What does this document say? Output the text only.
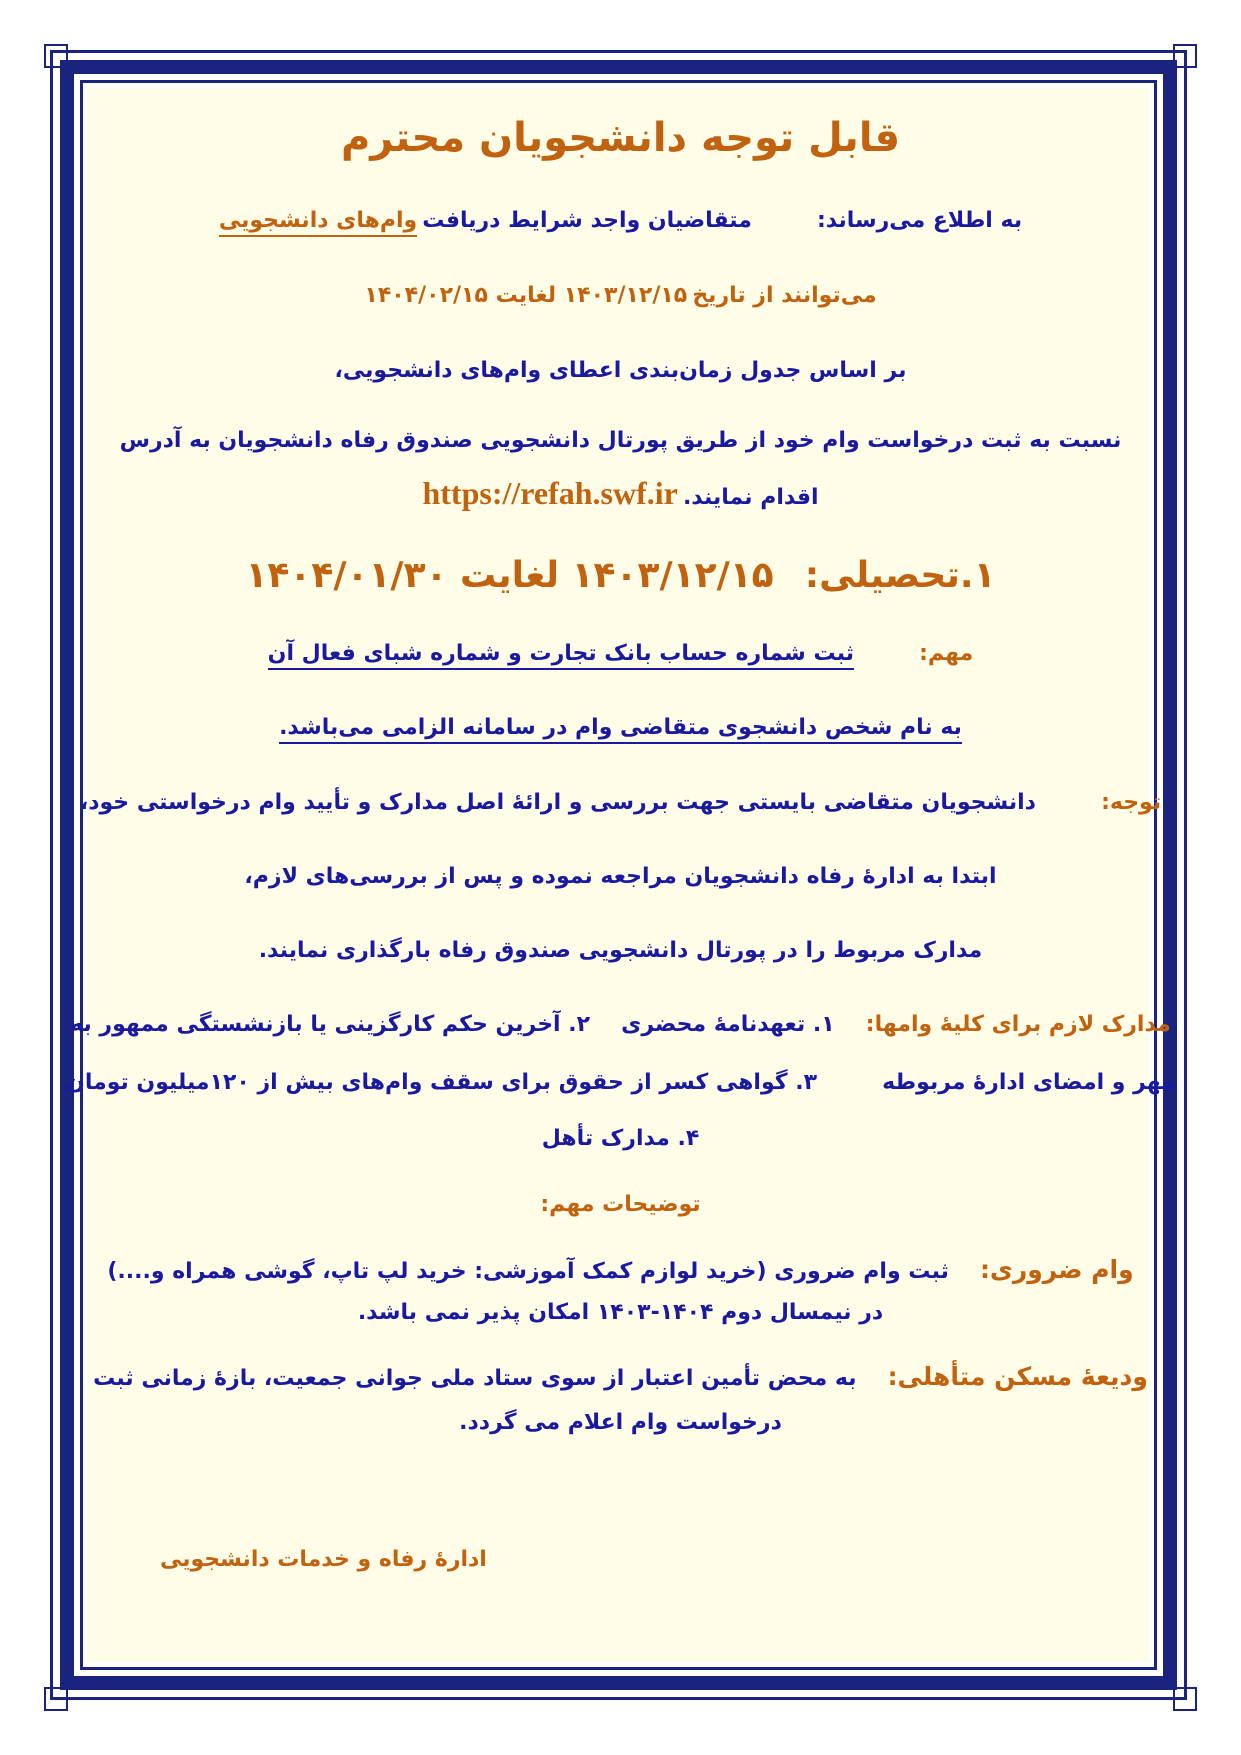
قابل توجه دانشجویان محترم
به اطلاع می‌رساند: متقاضیان واجد شرایط دریافت وام‌های دانشجویی
می‌توانند از تاریخ ۱۴۰۳/۱۲/۱۵ لغایت ۱۴۰۴/۰۲/۱۵
بر اساس جدول زمان‌بندی اعطای وام‌های دانشجویی،
نسبت به ثبت درخواست وام خود از طریق پورتال دانشجویی صندوق رفاه دانشجویان به آدرس
اقدام نمایند. https://refah.swf.ir
۱.تحصیلی: ۱۴۰۳/۱۲/۱۵ لغایت ۱۴۰۴/۰۱/۳۰
مهم: ثبت شماره حساب بانک تجارت و شماره شبای فعال آن
به نام شخص دانشجوی متقاضی وام در سامانه الزامی می‌باشد.
توجه: دانشجویان متقاضی بایستی جهت بررسی و ارائهٔ اصل مدارک و تأیید وام درخواستی خود،
ابتدا به ادارهٔ رفاه دانشجویان مراجعه نموده و پس از بررسی‌های لازم،
مدارک مربوط را در پورتال دانشجویی صندوق رفاه بارگذاری نمایند.
مدارک لازم برای کلیهٔ وامها: ۱. تعهدنامهٔ محضری ۲. آخرین حکم کارگزینی یا بازنشستگی ممهور به
مهر و امضای ادارهٔ مربوطه ۳. گواهی کسر از حقوق برای سقف وام‌های بیش از ۱۲۰میلیون تومان
۴. مدارک تأهل
توضیحات مهم:
وام ضروری: ثبت وام ضروری (خرید لوازم کمک آموزشی: خرید لپ تاپ، گوشی همراه و....)
در نیمسال دوم ۱۴۰۴-۱۴۰۳ امکان پذیر نمی باشد.
ودیعهٔ مسکن متأهلی: به محض تأمین اعتبار از سوی ستاد ملی جوانی جمعیت، بازهٔ زمانی ثبت
درخواست وام اعلام می گردد.
ادارهٔ رفاه و خدمات دانشجویی
